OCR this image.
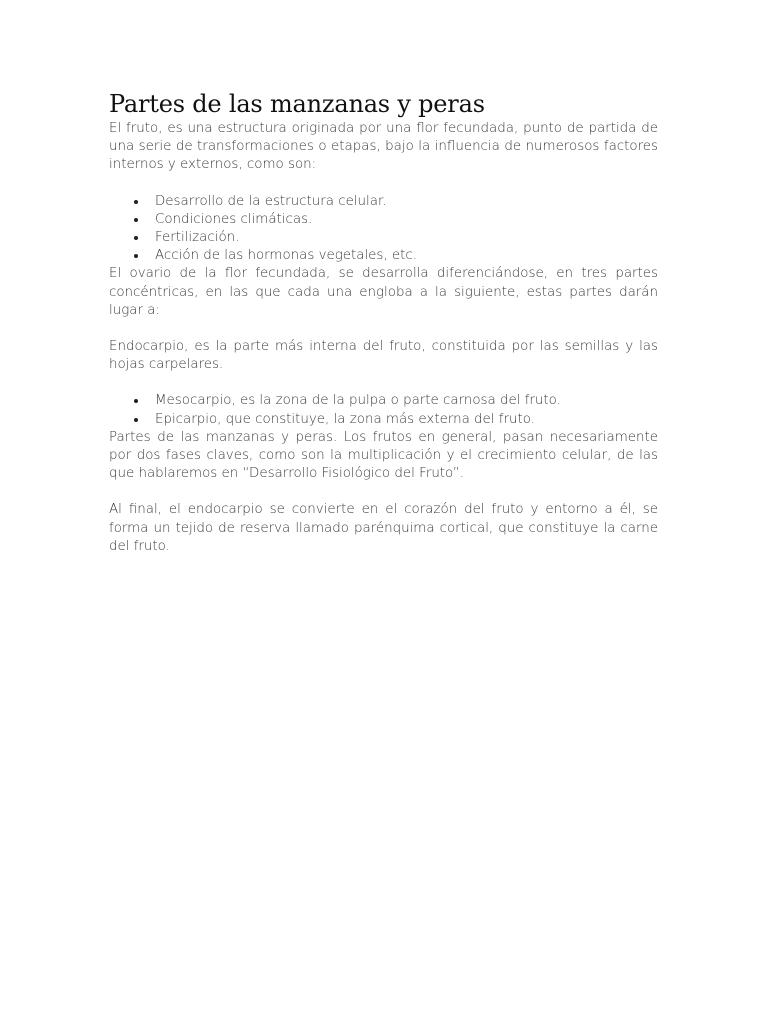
Partes de las manzanas y peras

El fruto, es una estructura originada por una flor fecundada, punto de partida de una serie de transformaciones o etapas, bajo la influencia de numerosos factores internos y externos, como son:

Desarrollo de la estructura celular.
Condiciones climáticas.
Fertilización.
Acción de las hormonas vegetales, etc.

El ovario de la flor fecundada, se desarrolla diferenciándose, en tres partes concéntricas, en las que cada una engloba a la siguiente, estas partes darán lugar a:

Endocarpio, es la parte más interna del fruto, constituida por las semillas y las hojas carpelares.

Mesocarpio, es la zona de la pulpa o parte carnosa del fruto.
Epicarpio, que constituye, la zona más externa del fruto.

Partes de las manzanas y peras. Los frutos en general, pasan necesariamente por dos fases claves, como son la multiplicación y el crecimiento celular, de las que hablaremos en “Desarrollo Fisiológico del Fruto”.

Al final, el endocarpio se convierte en el corazón del fruto y entorno a él, se forma un tejido de reserva llamado parénquima cortical, que constituye la carne del fruto.
